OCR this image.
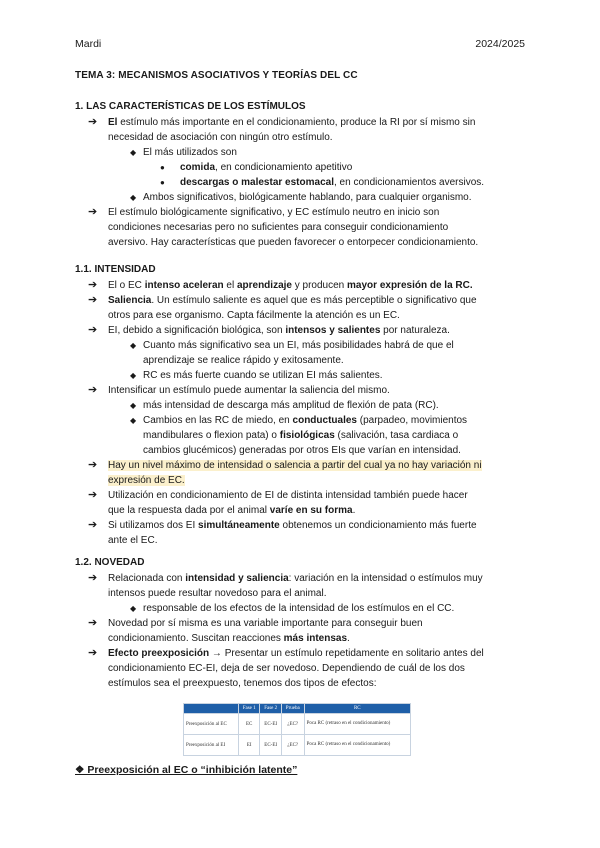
Mardi	2024/2025
TEMA 3: MECANISMOS ASOCIATIVOS Y TEORÍAS DEL CC
1. LAS CARACTERÍSTICAS DE LOS ESTÍMULOS
➔ El estímulo más importante en el condicionamiento, produce la RI por sí mismo sin
necesidad de asociación con ningún otro estímulo.
◆ El más utilizados son
● comida, en condicionamiento apetitivo
● descargas o malestar estomacal, en condicionamientos aversivos.
◆ Ambos significativos, biológicamente hablando, para cualquier organismo.
➔ El estímulo biológicamente significativo, y EC estímulo neutro en inicio son
condiciones necesarias pero no suficientes para conseguir condicionamiento
aversivo. Hay características que pueden favorecer o entorpecer condicionamiento.
1.1. INTENSIDAD
➔ El o EC intenso aceleran el aprendizaje y producen mayor expresión de la RC.
➔ Saliencia. Un estímulo saliente es aquel que es más perceptible o significativo que
otros para ese organismo. Capta fácilmente la atención es un EC.
➔ EI, debido a significación biológica, son intensos y salientes por naturaleza.
◆ Cuanto más significativo sea un EI, más posibilidades habrá de que el
aprendizaje se realice rápido y exitosamente.
◆ RC es más fuerte cuando se utilizan EI más salientes.
➔ Intensificar un estímulo puede aumentar la saliencia del mismo.
◆ más intensidad de descarga más amplitud de flexión de pata (RC).
◆ Cambios en las RC de miedo, en conductuales (parpadeo, movimientos
mandibulares o flexion pata) o fisiológicas (salivación, tasa cardiaca o
cambios glucémicos) generadas por otros EIs que varían en intensidad.
➔ Hay un nivel máximo de intensidad o salencia a partir del cual ya no hay variación ni
expresión de EC.
➔ Utilización en condicionamiento de EI de distinta intensidad también puede hacer
que la respuesta dada por el animal varíe en su forma.
➔ Si utilizamos dos EI simultáneamente obtenemos un condicionamiento más fuerte
ante el EC.
1.2. NOVEDAD
➔ Relacionada con intensidad y saliencia: variación en la intensidad o estímulos muy
intensos puede resultar novedoso para el animal.
◆ responsable de los efectos de la intensidad de los estímulos en el CC.
➔ Novedad por sí misma es una variable importante para conseguir buen
condicionamiento. Suscitan reacciones más intensas.
➔ Efecto preexposición → Presentar un estímulo repetidamente en solitario antes del
condicionamiento EC-EI, deja de ser novedoso. Dependiendo de cuál de los dos
estímulos sea el preexpuesto, tenemos dos tipos de efectos:
	Fase 1	Fase 2	Prueba	RC
Preexposición al EC	EC	EC-EI	¿EC?	Poca RC (retraso en el condicionamiento)
Preexposición al EI	EI	EC-EI	¿EC?	Poca RC (retraso en el condicionamiento)
❖ Preexposición al EC o “inhibición latente”
